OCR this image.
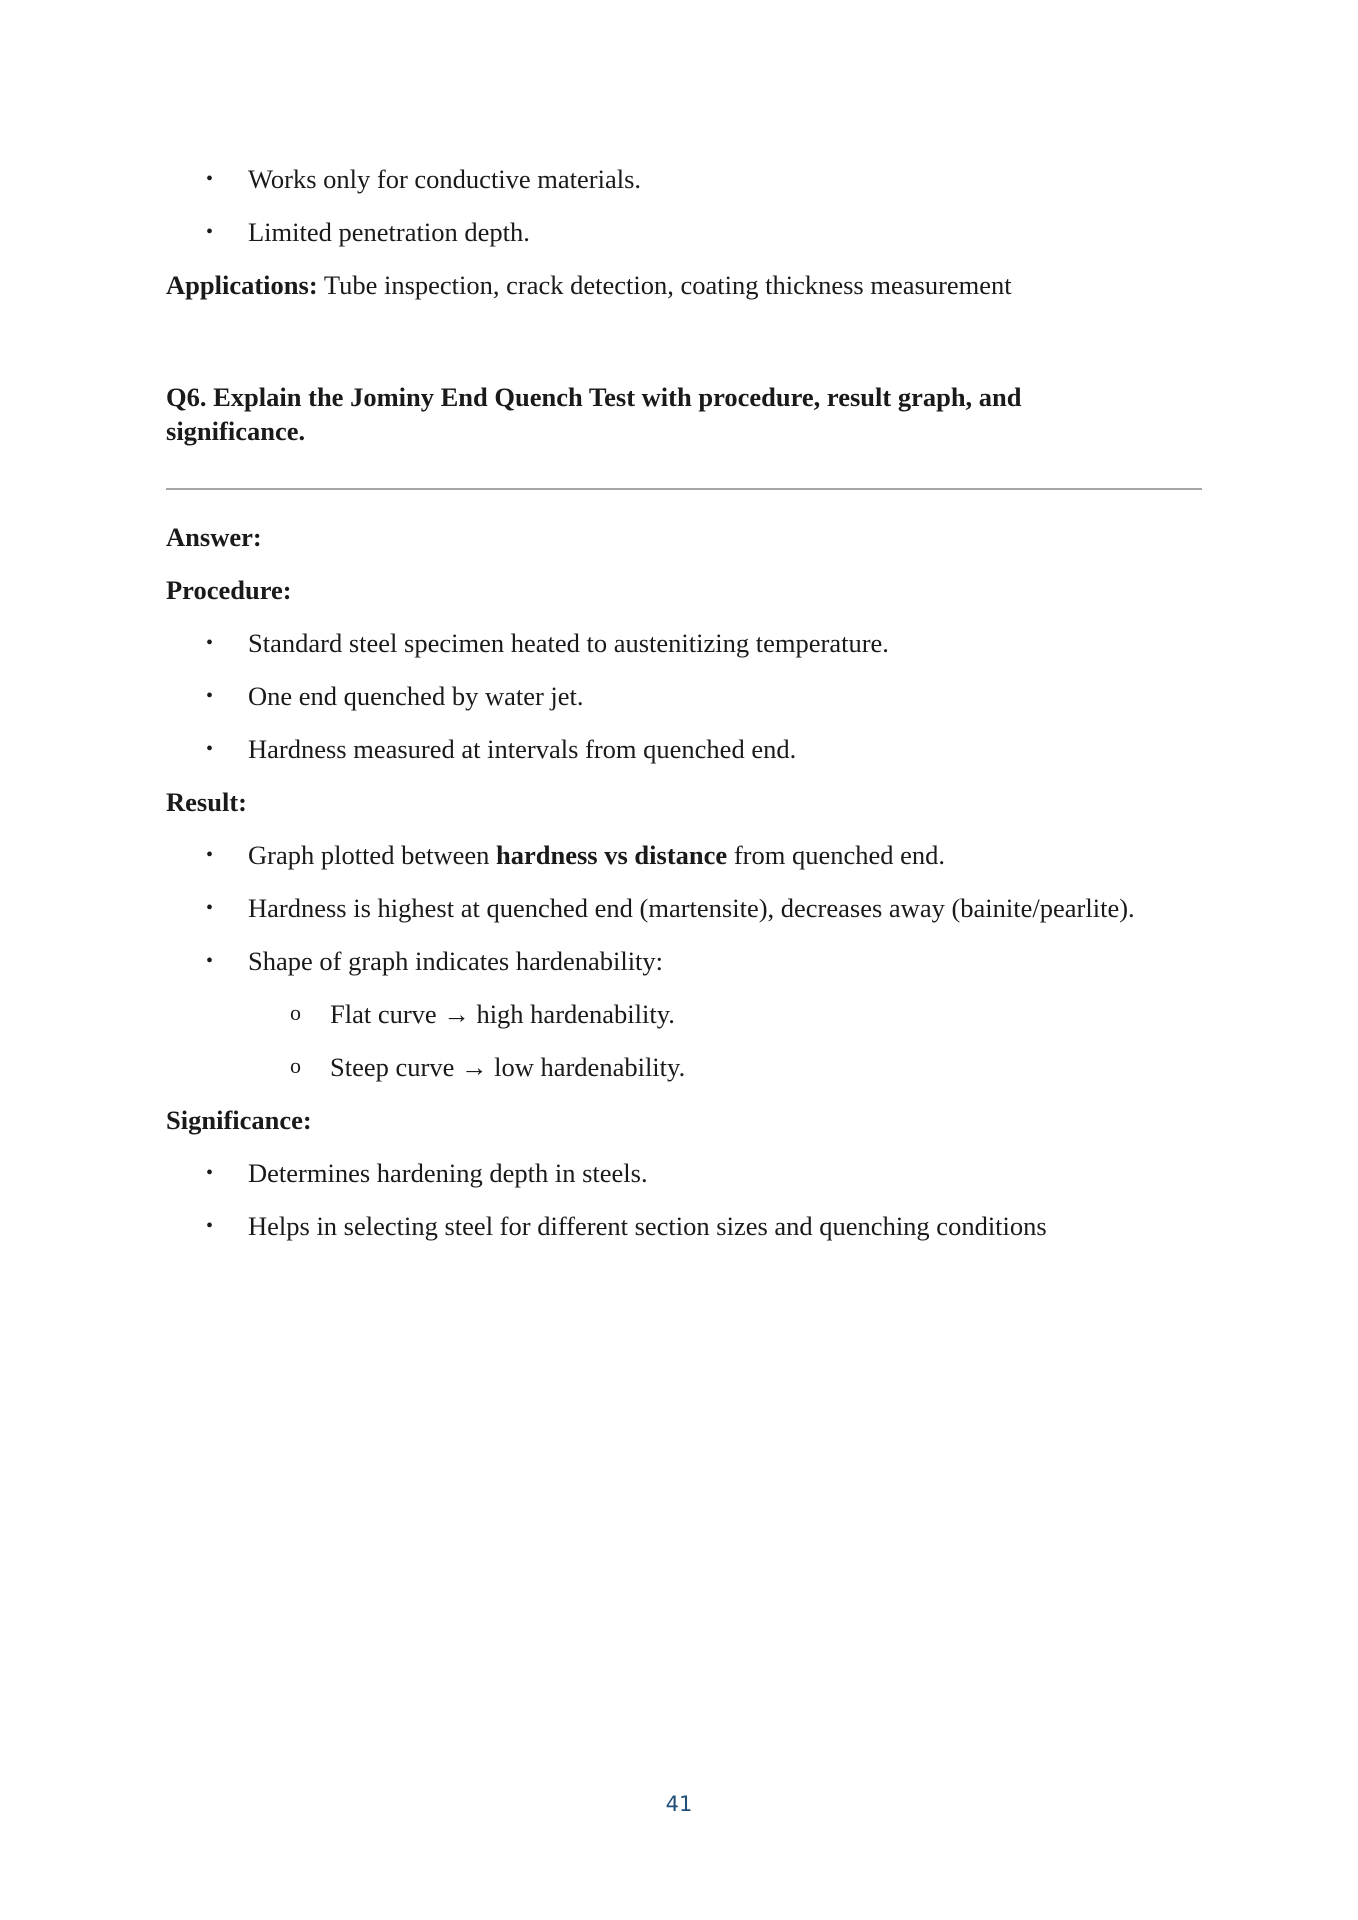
• Works only for conductive materials.
• Limited penetration depth.
Applications: Tube inspection, crack detection, coating thickness measurement
Q6. Explain the Jominy End Quench Test with procedure, result graph, and significance.
Answer:
Procedure:
• Standard steel specimen heated to austenitizing temperature.
• One end quenched by water jet.
• Hardness measured at intervals from quenched end.
Result:
• Graph plotted between hardness vs distance from quenched end.
• Hardness is highest at quenched end (martensite), decreases away (bainite/pearlite).
• Shape of graph indicates hardenability:
o Flat curve → high hardenability.
o Steep curve → low hardenability.
Significance:
• Determines hardening depth in steels.
• Helps in selecting steel for different section sizes and quenching conditions
41
